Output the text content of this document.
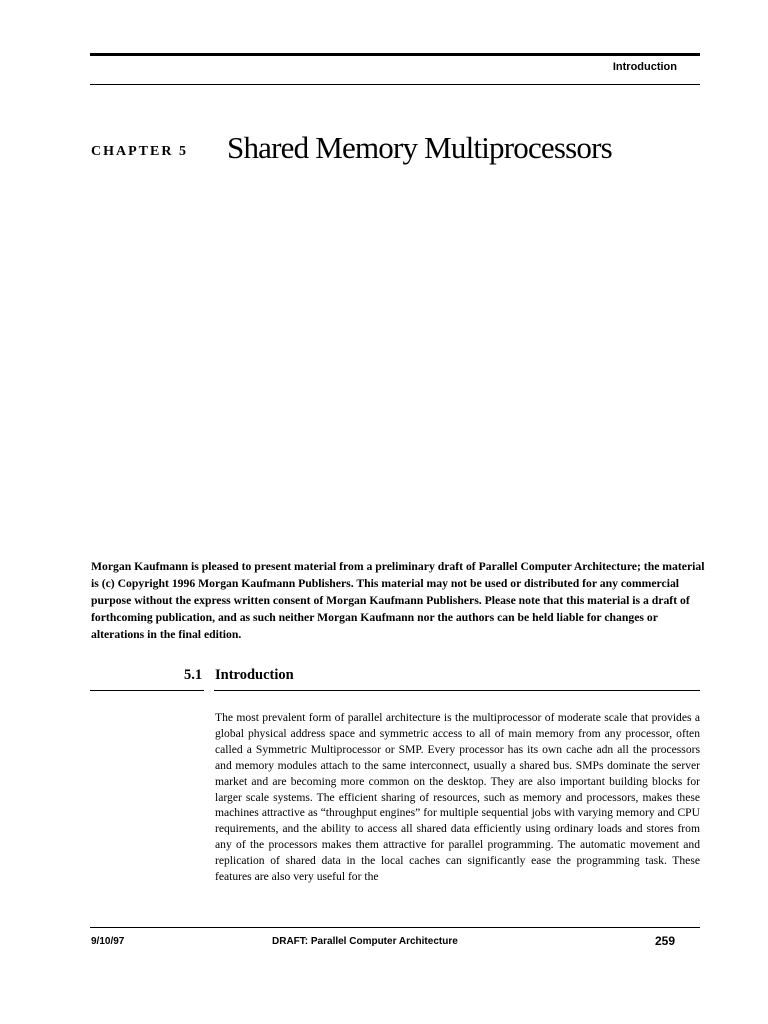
Introduction
CHAPTER 5 Shared Memory Multiprocessors
Morgan Kaufmann is pleased to present material from a preliminary draft of Parallel Computer Architecture; the material is (c) Copyright 1996 Morgan Kaufmann Publishers. This material may not be used or distributed for any commercial purpose without the express written consent of Morgan Kaufmann Publishers. Please note that this material is a draft of forthcoming publication, and as such neither Morgan Kaufmann nor the authors can be held liable for changes or alterations in the final edition.
5.1 Introduction
The most prevalent form of parallel architecture is the multiprocessor of moderate scale that provides a global physical address space and symmetric access to all of main memory from any processor, often called a Symmetric Multiprocessor or SMP. Every processor has its own cache adn all the processors and memory modules attach to the same interconnect, usually a shared bus. SMPs dominate the server market and are becoming more common on the desktop. They are also important building blocks for larger scale systems. The efficient sharing of resources, such as memory and processors, makes these machines attractive as “throughput engines” for multiple sequential jobs with varying memory and CPU requirements, and the ability to access all shared data efficiently using ordinary loads and stores from any of the processors makes them attractive for parallel programming. The automatic movement and replication of shared data in the local caches can significantly ease the programming task. These features are also very useful for the
9/10/97	DRAFT: Parallel Computer Architecture	259
